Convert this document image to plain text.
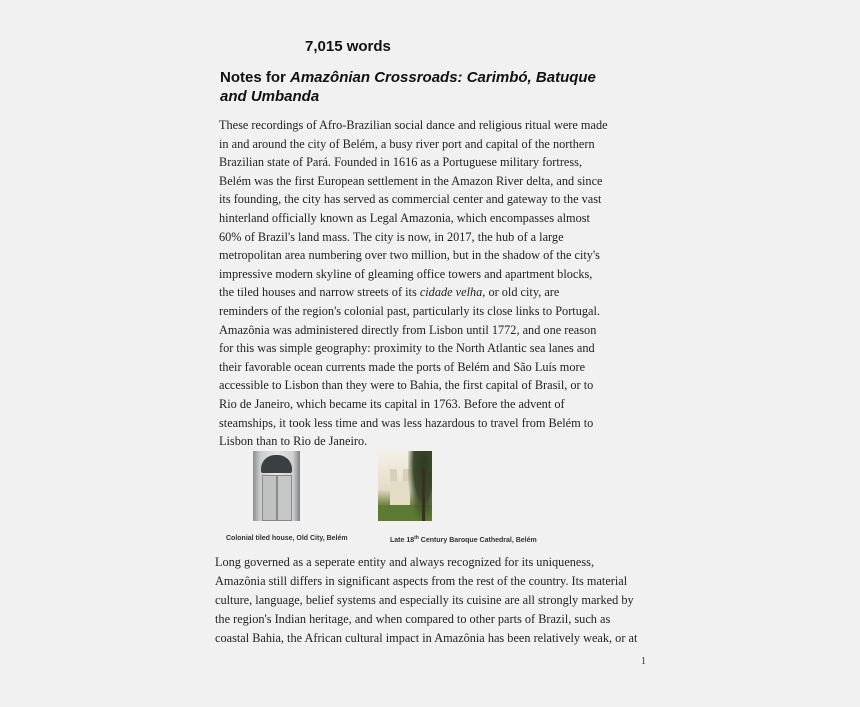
7,015 words
Notes for Amazônian Crossroads: Carimbó, Batuque
and Umbanda
These recordings of Afro-Brazilian social dance and religious ritual were made
in and around the city of Belém, a busy river port and capital of the northern
Brazilian state of Pará. Founded in 1616 as a Portuguese military fortress,
Belém was the first European settlement in the Amazon River delta, and since
its founding, the city has served as commercial center and gateway to the vast
hinterland officially known as Legal Amazonia, which encompasses almost
60% of Brazil's land mass. The city is now, in 2017, the hub of a large
metropolitan area numbering over two million, but in the shadow of the city's
impressive modern skyline of gleaming office towers and apartment blocks,
the tiled houses and narrow streets of its cidade velha, or old city, are
reminders of the region's colonial past, particularly its close links to Portugal.
Amazônia was administered directly from Lisbon until 1772, and one reason
for this was simple geography: proximity to the North Atlantic sea lanes and
their favorable ocean currents made the ports of Belém and São Luís more
accessible to Lisbon than they were to Bahia, the first capital of Brasil, or to
Rio de Janeiro, which became its capital in 1763. Before the advent of
steamships, it took less time and was less hazardous to travel from Belém to
Lisbon than to Rio de Janeiro.
Colonial tiled house, Old City, Belém	Late 18th Century Baroque Cathedral, Belém
Long governed as a seperate entity and always recognized for its uniqueness,
Amazônia still differs in significant aspects from the rest of the country. Its material
culture, language, belief systems and especially its cuisine are all strongly marked by
the region's Indian heritage, and when compared to other parts of Brazil, such as
coastal Bahia, the African cultural impact in Amazônia has been relatively weak, or at
1
